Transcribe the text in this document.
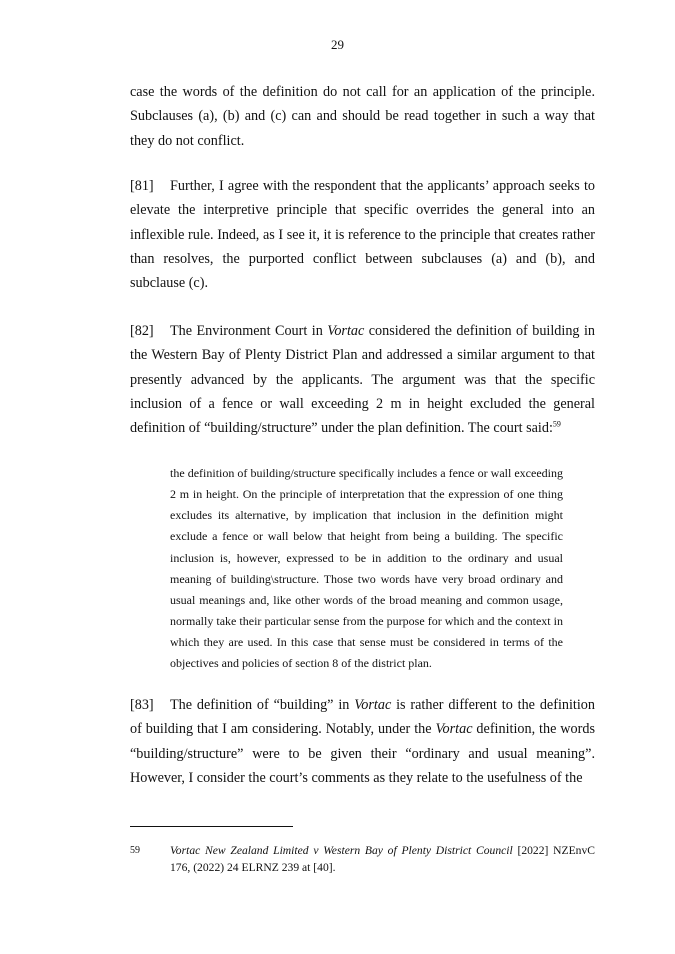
29

case the words of the definition do not call for an application of the principle. Subclauses (a), (b) and (c) can and should be read together in such a way that they do not conflict.

[81] Further, I agree with the respondent that the applicants’ approach seeks to elevate the interpretive principle that specific overrides the general into an inflexible rule. Indeed, as I see it, it is reference to the principle that creates rather than resolves, the purported conflict between subclauses (a) and (b), and subclause (c).

[82] The Environment Court in Vortac considered the definition of building in the Western Bay of Plenty District Plan and addressed a similar argument to that presently advanced by the applicants. The argument was that the specific inclusion of a fence or wall exceeding 2 m in height excluded the general definition of “building/structure” under the plan definition. The court said:$^{59}$

the definition of building/structure specifically includes a fence or wall exceeding 2 m in height. On the principle of interpretation that the expression of one thing excludes its alternative, by implication that inclusion in the definition might exclude a fence or wall below that height from being a building. The specific inclusion is, however, expressed to be in addition to the ordinary and usual meaning of building\structure. Those two words have very broad ordinary and usual meanings and, like other words of the broad meaning and common usage, normally take their particular sense from the purpose for which and the context in which they are used. In this case that sense must be considered in terms of the objectives and policies of section 8 of the district plan.

[83] The definition of “building” in Vortac is rather different to the definition of building that I am considering. Notably, under the Vortac definition, the words “building/structure” were to be given their “ordinary and usual meaning”. However, I consider the court’s comments as they relate to the usefulness of the

59	Vortac New Zealand Limited v Western Bay of Plenty District Council [2022] NZEnvC 176, (2022) 24 ELRNZ 239 at [40].
